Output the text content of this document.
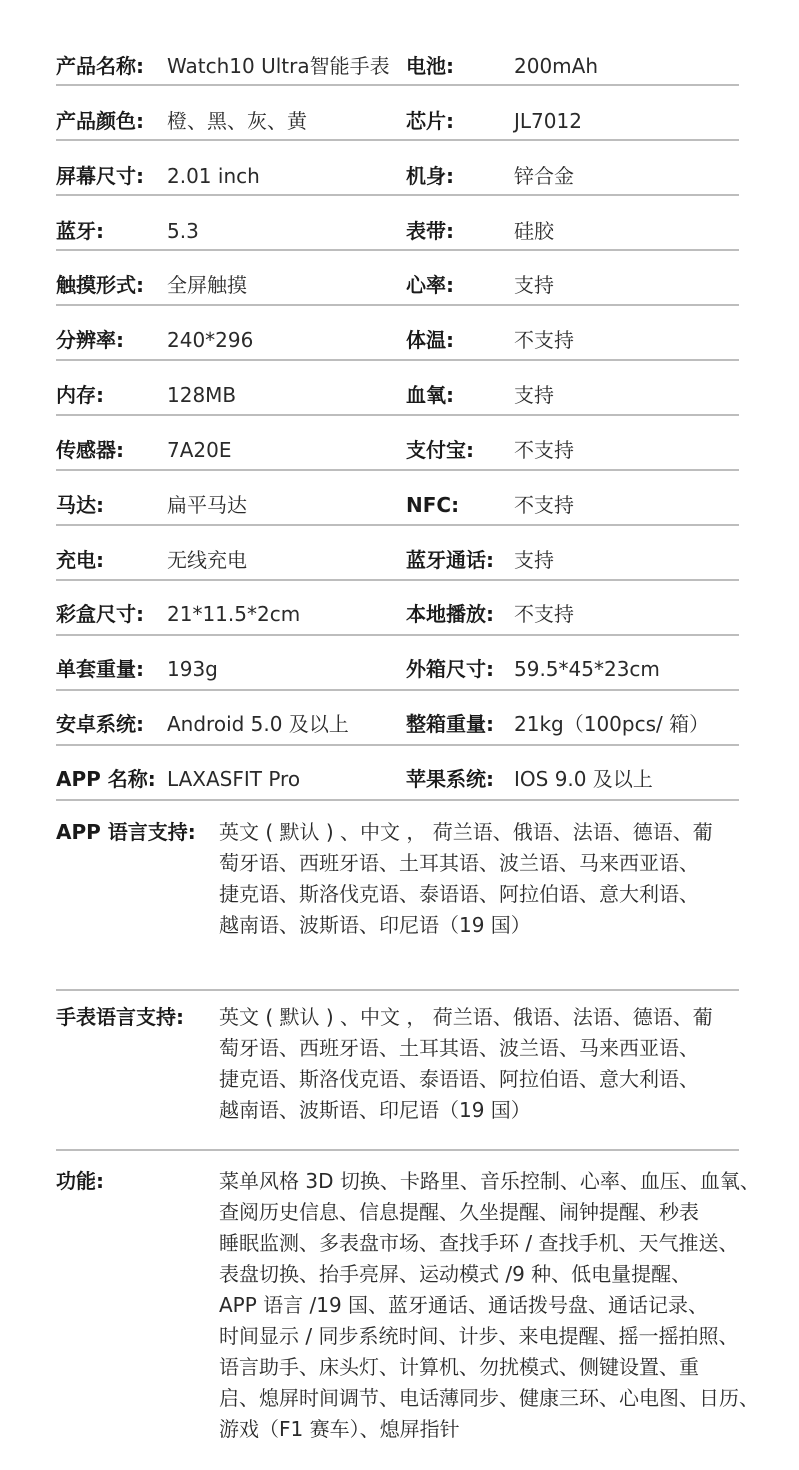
产品名称: Watch10 Ultra智能手表 电池:	200mAh
产品颜色: 橙、黑、灰、黄	芯片:	JL7012
屏幕尺寸: 2.01 inch	机身:	锌合金
蓝牙:	5.3	表带:	硅胶
触摸形式: 全屏触摸	心率:	支持
分辨率: 240*296	体温:	不支持
内存:	128MB	血氧:	支持
传感器: 7A20E	支付宝: 不支持
马达:	扁平马达	NFC:	不支持
充电:	无线充电	蓝牙通话: 支持
彩盒尺寸: 21*11.5*2cm	本地播放: 不支持
单套重量: 193g	外箱尺寸: 59.5*45*23cm
安卓系统: Android 5.0 及以上	整箱重量: 21kg（100pcs/ 箱）
APP 名称: LAXASFIT Pro	苹果系统: IOS 9.0 及以上
APP 语言支持: 英文 ( 默认 ) 、中文 ， 荷兰语、俄语、法语、德语、葡
萄牙语、西班牙语、土耳其语、波兰语、马来西亚语、
捷克语、斯洛伐克语、泰语语、阿拉伯语、意大利语、
越南语、波斯语、印尼语（19 国）
手表语言支持: 英文 ( 默认 ) 、中文 ， 荷兰语、俄语、法语、德语、葡
萄牙语、西班牙语、土耳其语、波兰语、马来西亚语、
捷克语、斯洛伐克语、泰语语、阿拉伯语、意大利语、
越南语、波斯语、印尼语（19 国）
功能:	菜单风格 3D 切换、卡路里、音乐控制、心率、血压、血氧、
查阅历史信息、信息提醒、久坐提醒、闹钟提醒、秒表
睡眠监测、多表盘市场、查找手环 / 查找手机、天气推送、
表盘切换、抬手亮屏、运动模式 /9 种、低电量提醒、
APP 语言 /19 国、蓝牙通话、通话拨号盘、通话记录、
时间显示 / 同步系统时间、计步、来电提醒、摇一摇拍照、
语言助手、床头灯、计算机、勿扰模式、侧键设置、重
启、熄屏时间调节、电话薄同步、健康三环、心电图、日历、
游戏（F1 赛车）、熄屏指针
